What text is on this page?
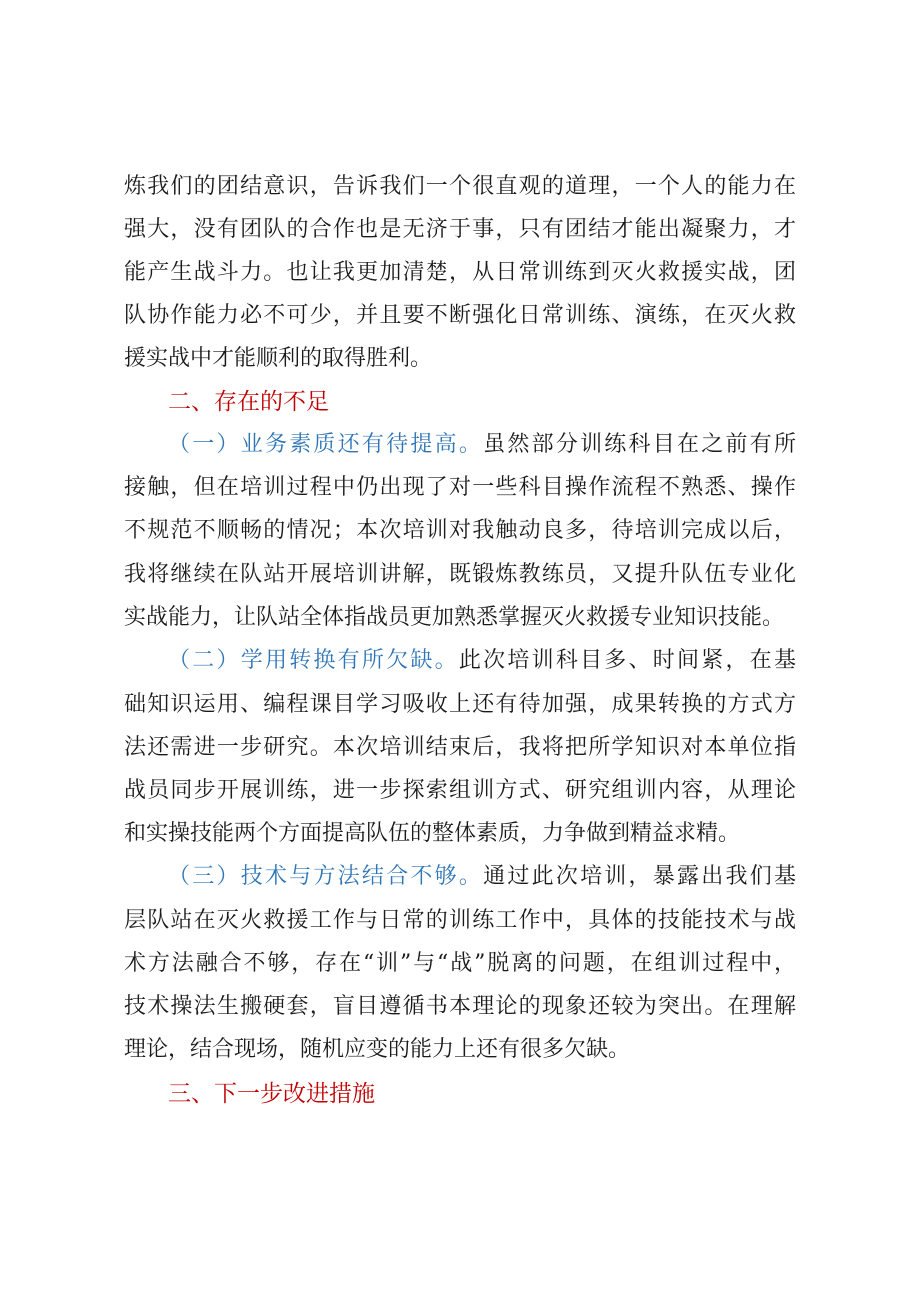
炼我们的团结意识，告诉我们一个很直观的道理，一个人的能力在
强大，没有团队的合作也是无济于事，只有团结才能出凝聚力，才
能产生战斗力。也让我更加清楚，从日常训练到灭火救援实战，团
队协作能力必不可少，并且要不断强化日常训练、演练，在灭火救
援实战中才能顺利的取得胜利。
二、存在的不足
（一）业务素质还有待提高。虽然部分训练科目在之前有所
接触，但在培训过程中仍出现了对一些科目操作流程不熟悉、操作
不规范不顺畅的情况；本次培训对我触动良多，待培训完成以后，
我将继续在队站开展培训讲解，既锻炼教练员，又提升队伍专业化
实战能力，让队站全体指战员更加熟悉掌握灭火救援专业知识技能。
（二）学用转换有所欠缺。此次培训科目多、时间紧，在基
础知识运用、编程课目学习吸收上还有待加强，成果转换的方式方
法还需进一步研究。本次培训结束后，我将把所学知识对本单位指
战员同步开展训练，进一步探索组训方式、研究组训内容，从理论
和实操技能两个方面提高队伍的整体素质，力争做到精益求精。
（三）技术与方法结合不够。通过此次培训，暴露出我们基
层队站在灭火救援工作与日常的训练工作中，具体的技能技术与战
术方法融合不够，存在“训”与“战”脱离的问题，在组训过程中，
技术操法生搬硬套，盲目遵循书本理论的现象还较为突出。在理解
理论，结合现场，随机应变的能力上还有很多欠缺。
三、下一步改进措施
